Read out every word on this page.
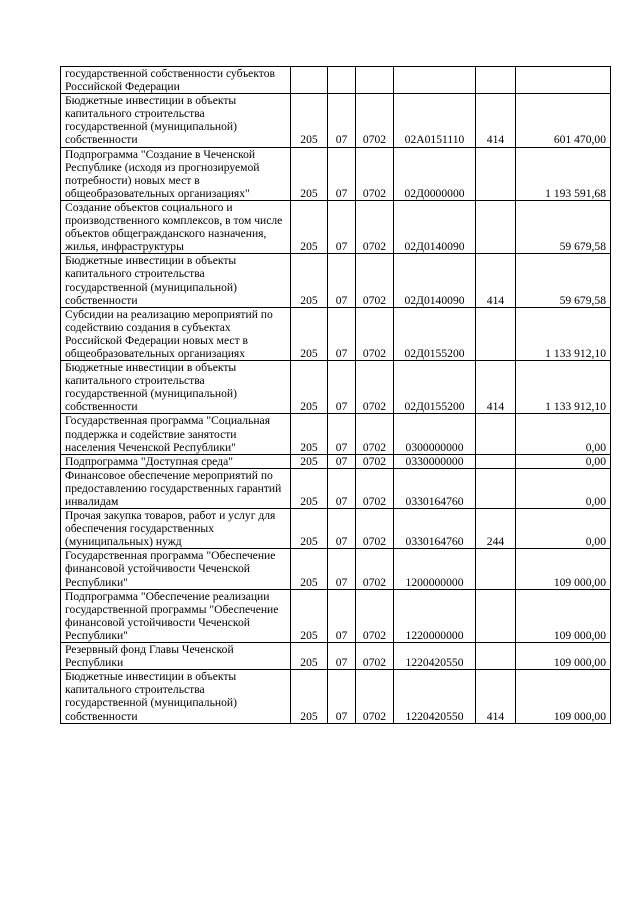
государственной собственности субъектов Российской Федерации						
Бюджетные инвестиции в объекты капитального строительства государственной (муниципальной) собственности	205	07	0702	02А0151110	414	601 470,00
Подпрограмма "Создание в Чеченской Республике (исходя из прогнозируемой потребности) новых мест в общеобразовательных организациях"	205	07	0702	02Д0000000		1 193 591,68
Создание объектов социального и производственного комплексов, в том числе объектов общегражданского назначения, жилья, инфраструктуры	205	07	0702	02Д0140090		59 679,58
Бюджетные инвестиции в объекты капитального строительства государственной (муниципальной) собственности	205	07	0702	02Д0140090	414	59 679,58
Субсидии на реализацию мероприятий по содействию создания в субъектах Российской Федерации новых мест в общеобразовательных организациях	205	07	0702	02Д0155200		1 133 912,10
Бюджетные инвестиции в объекты капитального строительства государственной (муниципальной) собственности	205	07	0702	02Д0155200	414	1 133 912,10
Государственная программа "Социальная поддержка и содействие занятости населения Чеченской Республики"	205	07	0702	0300000000		0,00
Подпрограмма "Доступная среда"	205	07	0702	0330000000		0,00
Финансовое обеспечение мероприятий по предоставлению государственных гарантий инвалидам	205	07	0702	0330164760		0,00
Прочая закупка товаров, работ и услуг для обеспечения государственных (муниципальных) нужд	205	07	0702	0330164760	244	0,00
Государственная программа "Обеспечение финансовой устойчивости Чеченской Республики"	205	07	0702	1200000000		109 000,00
Подпрограмма "Обеспечение реализации государственной программы "Обеспечение финансовой устойчивости Чеченской Республики"	205	07	0702	1220000000		109 000,00
Резервный фонд Главы Чеченской Республики	205	07	0702	1220420550		109 000,00
Бюджетные инвестиции в объекты капитального строительства государственной (муниципальной) собственности	205	07	0702	1220420550	414	109 000,00
